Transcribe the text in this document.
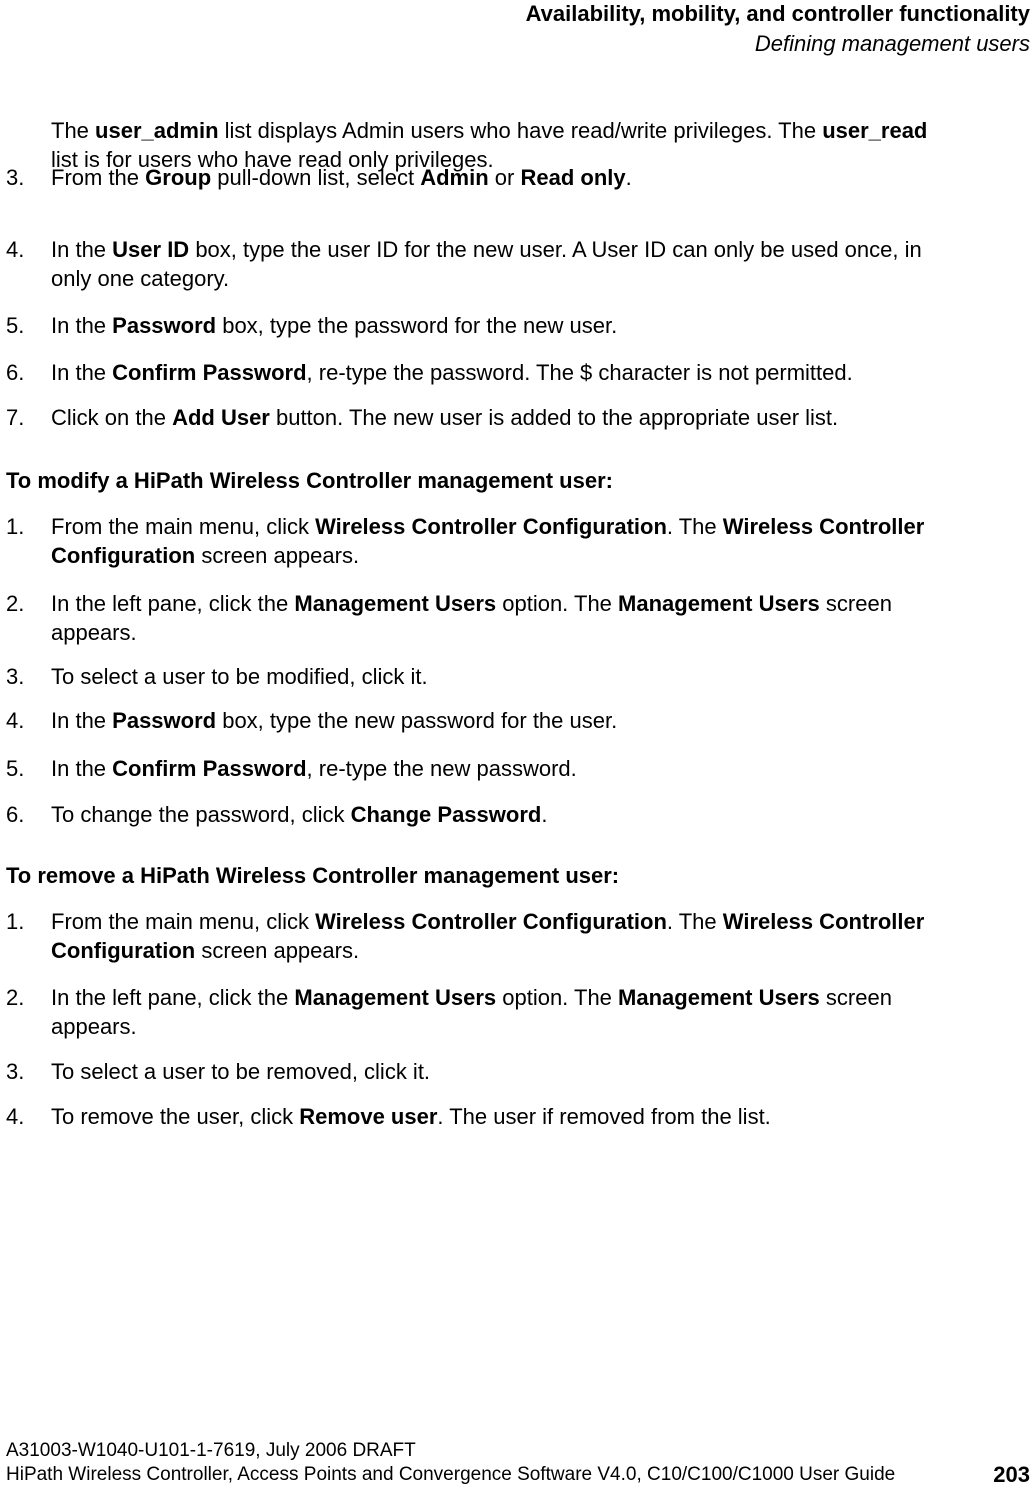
Availability, mobility, and controller functionality
Defining management users
The user_admin list displays Admin users who have read/write privileges. The user_read
list is for users who have read only privileges.
3. From the Group pull-down list, select Admin or Read only.
4. In the User ID box, type the user ID for the new user. A User ID can only be used once, in
only one category.
5. In the Password box, type the password for the new user.
6. In the Confirm Password, re-type the password. The $ character is not permitted.
7. Click on the Add User button. The new user is added to the appropriate user list.
To modify a HiPath Wireless Controller management user:
1. From the main menu, click Wireless Controller Configuration. The Wireless Controller
Configuration screen appears.
2. In the left pane, click the Management Users option. The Management Users screen
appears.
3. To select a user to be modified, click it.
4. In the Password box, type the new password for the user.
5. In the Confirm Password, re-type the new password.
6. To change the password, click Change Password.
To remove a HiPath Wireless Controller management user:
1. From the main menu, click Wireless Controller Configuration. The Wireless Controller
Configuration screen appears.
2. In the left pane, click the Management Users option. The Management Users screen
appears.
3. To select a user to be removed, click it.
4. To remove the user, click Remove user. The user if removed from the list.
A31003-W1040-U101-1-7619, July 2006 DRAFT
HiPath Wireless Controller, Access Points and Convergence Software V4.0, C10/C100/C1000 User Guide	203
